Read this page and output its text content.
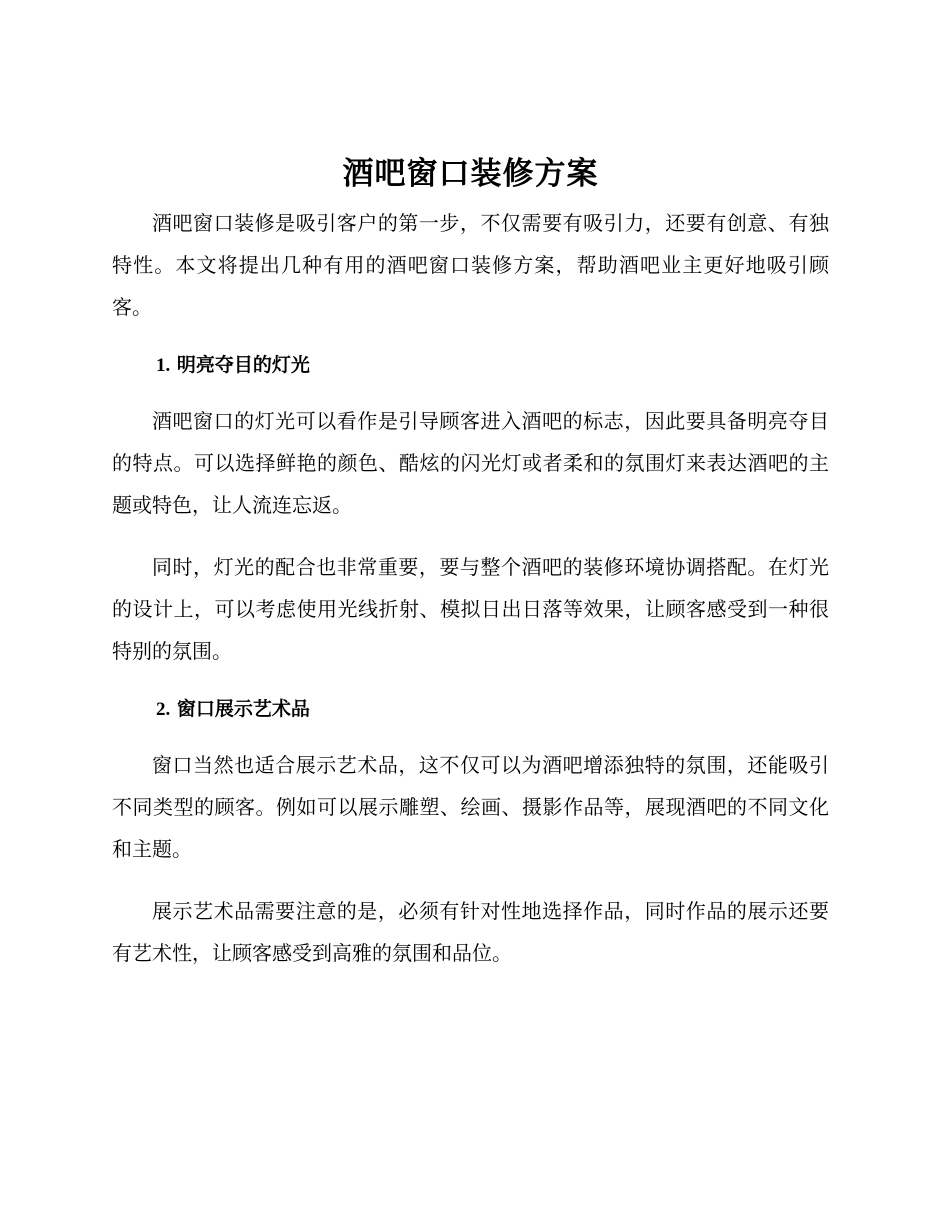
酒吧窗口装修方案

酒吧窗口装修是吸引客户的第一步，不仅需要有吸引力，还要有创意、有独特性。本文将提出几种有用的酒吧窗口装修方案，帮助酒吧业主更好地吸引顾客。

1. 明亮夺目的灯光

酒吧窗口的灯光可以看作是引导顾客进入酒吧的标志，因此要具备明亮夺目的特点。可以选择鲜艳的颜色、酷炫的闪光灯或者柔和的氛围灯来表达酒吧的主题或特色，让人流连忘返。

同时，灯光的配合也非常重要，要与整个酒吧的装修环境协调搭配。在灯光的设计上，可以考虑使用光线折射、模拟日出日落等效果，让顾客感受到一种很特别的氛围。

2. 窗口展示艺术品

窗口当然也适合展示艺术品，这不仅可以为酒吧增添独特的氛围，还能吸引不同类型的顾客。例如可以展示雕塑、绘画、摄影作品等，展现酒吧的不同文化和主题。

展示艺术品需要注意的是，必须有针对性地选择作品，同时作品的展示还要有艺术性，让顾客感受到高雅的氛围和品位。
